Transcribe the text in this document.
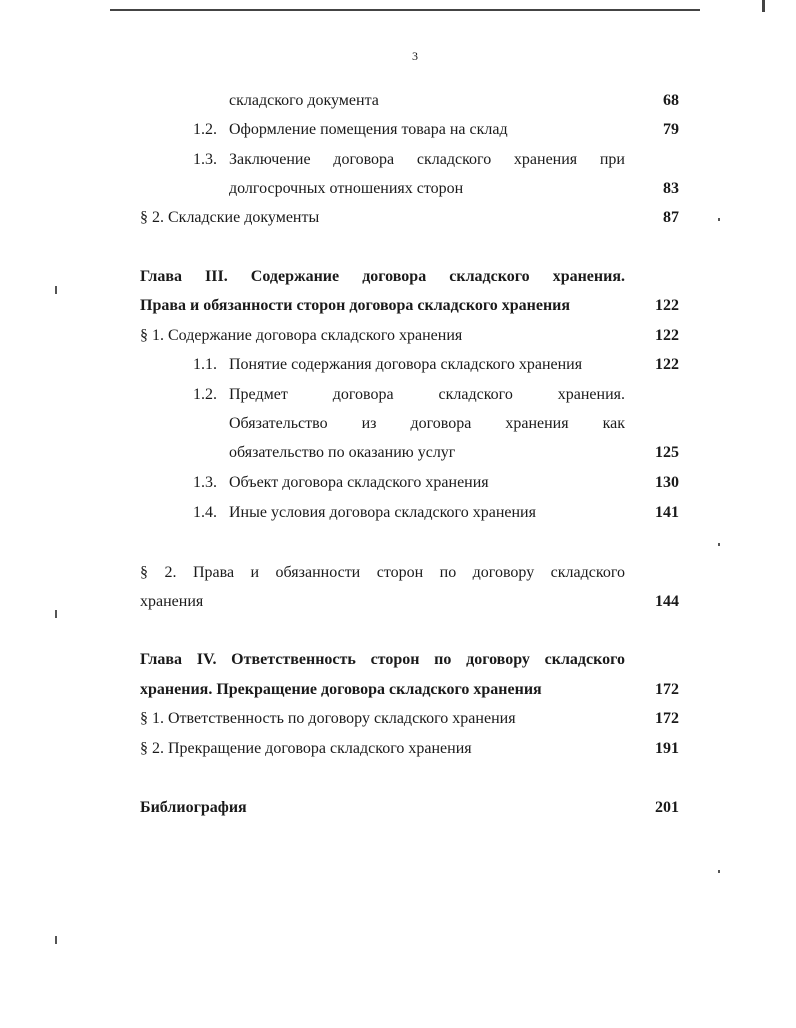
3
складского документа	68
1.2. Оформление помещения товара на склад	79
1.3. Заключение договора складского хранения при
долгосрочных отношениях сторон	83
§ 2. Складские документы	87
Глава III. Содержание договора складского хранения.
Права и обязанности сторон договора складского хранения	122
§ 1. Содержание договора складского хранения	122
1.1. Понятие содержания договора складского хранения	122
1.2. Предмет договора складского хранения.
Обязательство из договора хранения как
обязательство по оказанию услуг	125
1.3. Объект договора складского хранения	130
1.4. Иные условия договора складского хранения	141
§ 2. Права и обязанности сторон по договору складского
хранения	144
Глава IV. Ответственность сторон по договору складского
хранения. Прекращение договора складского хранения	172
§ 1. Ответственность по договору складского хранения	172
§ 2. Прекращение договора складского хранения	191
Библиография	201
